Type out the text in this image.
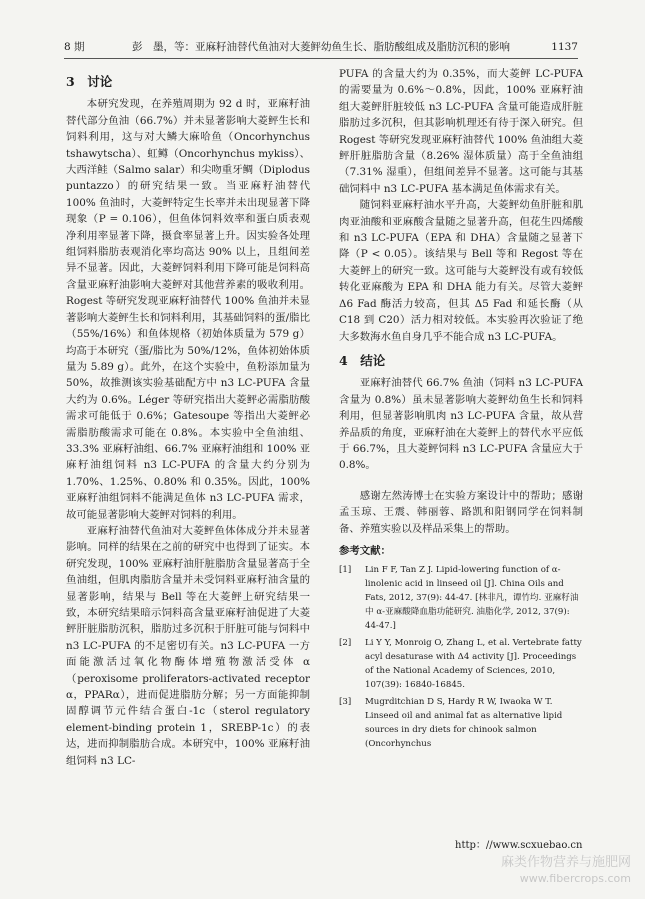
8 期	彭　墨，等：亚麻籽油替代鱼油对大菱鲆幼鱼生长、脂肪酸组成及脂肪沉积的影响	1137
3　讨论

本研究发现，在养殖周期为 92 d 时，亚麻籽油替代部分鱼油（66.7%）并未显著影响大菱鲆生长和饲料利用，这与对大鳞大麻哈鱼（Oncorhynchus tshawytscha）、虹鳟（Oncorhynchus mykiss）、大西洋鲑（Salmo salar）和尖吻重牙鲷（Diplodus puntazzo）的研究结果一致。当亚麻籽油替代 100% 鱼油时，大菱鲆特定生长率并未出现显著下降现象（P = 0.106），但鱼体饲料效率和蛋白质表观净利用率显著下降，摄食率显著上升。因实验各处理组饲料脂肪表观消化率均高达 90% 以上，且组间差异不显著。因此，大菱鲆饲料利用下降可能是饲料高含量亚麻籽油影响大菱鲆对其他营养素的吸收利用。Rogest 等研究发现亚麻籽油替代 100% 鱼油并未显著影响大菱鲆生长和饲料利用，其基础饲料的蛋/脂比（55%/16%）和鱼体规格（初始体质量为 579 g）均高于本研究（蛋/脂比为 50%/12%，鱼体初始体质量为 5.89 g）。此外，在这个实验中，鱼粉添加量为 50%，故推测该实验基础配方中 n3 LC-PUFA 含量大约为 0.6%。Léger 等研究指出大菱鲆必需脂肪酸需求可能低于 0.6%；Gatesoupe 等指出大菱鲆必需脂肪酸需求可能在 0.8%。本实验中全鱼油组、33.3% 亚麻籽油组、66.7% 亚麻籽油组和 100% 亚麻籽油组饲料 n3 LC-PUFA 的含量大约分别为 1.70%、1.25%、0.80% 和 0.35%。因此，100% 亚麻籽油组饲料不能满足鱼体 n3 LC-PUFA 需求，故可能显著影响大菱鲆对饲料的利用。

亚麻籽油替代鱼油对大菱鲆鱼体体成分并未显著影响。同样的结果在之前的研究中也得到了证实。本研究发现，100% 亚麻籽油肝脏脂肪含量显著高于全鱼油组，但肌肉脂肪含量并未受饲料亚麻籽油含量的显著影响，结果与 Bell 等在大菱鲆上研究结果一致，本研究结果暗示饲料高含量亚麻籽油促进了大菱鲆肝脏脂肪沉积，脂肪过多沉积于肝脏可能与饲料中 n3 LC-PUFA 的不足密切有关。n3 LC-PUFA 一方面能激活过氧化物酶体增殖物激活受体 α（peroxisome proliferators-activated receptor α，PPARα），进而促进脂肪分解；另一方面能抑制固醇调节元件结合蛋白-1c（sterol regulatory element-binding protein 1，SREBP-1c）的表达，进而抑制脂肪合成。本研究中，100% 亚麻籽油组饲料 n3 LC-

PUFA 的含量大约为 0.35%，而大菱鲆 LC-PUFA 的需要量为 0.6%～0.8%，因此，100% 亚麻籽油组大菱鲆肝脏较低 n3 LC-PUFA 含量可能造成肝脏脂肪过多沉积，但其影响机理还有待于深入研究。但 Rogest 等研究发现亚麻籽油替代 100% 鱼油组大菱鲆肝脏脂肪含量（8.26% 湿体质量）高于全鱼油组（7.31% 湿重），但组间差异不显著。这可能与其基础饲料中 n3 LC-PUFA 基本满足鱼体需求有关。

随饲料亚麻籽油水平升高，大菱鲆幼鱼肝脏和肌肉亚油酸和亚麻酸含量随之显著升高，但花生四烯酸和 n3 LC-PUFA（EPA 和 DHA）含量随之显著下降（P < 0.05）。该结果与 Bell 等和 Regost 等在大菱鲆上的研究一致。这可能与大菱鲆没有或有较低转化亚麻酸为 EPA 和 DHA 能力有关。尽管大菱鲆 Δ6 Fad 酶活力较高，但其 Δ5 Fad 和延长酶（从 C18 到 C20）活力相对较低。本实验再次验证了绝大多数海水鱼自身几乎不能合成 n3 LC-PUFA。

4　结论

亚麻籽油替代 66.7% 鱼油（饲料 n3 LC-PUFA 含量为 0.8%）虽未显著影响大菱鲆幼鱼生长和饲料利用，但显著影响肌肉 n3 LC-PUFA 含量，故从营养品质的角度，亚麻籽油在大菱鲆上的替代水平应低于 66.7%，且大菱鲆饲料 n3 LC-PUFA 含量应大于 0.8%。

感谢左然涛博士在实验方案设计中的帮助；感谢孟玉琼、王震、韩丽蓉、路凯和阳钢同学在饲料制备、养殖实验以及样品采集上的帮助。

参考文献：
[1]	Lin F F, Tan Z J. Lipid-lowering function of α-linolenic acid in linseed oil [J]. China Oils and Fats, 2012, 37(9): 44-47. [林非凡，谭竹均. 亚麻籽油中 α-亚麻酸降血脂功能研究. 油脂化学, 2012, 37(9): 44-47.]
[2]	Li Y Y, Monroig O, Zhang L, et al. Vertebrate fatty acyl desaturase with Δ4 activity [J]. Proceedings of the National Academy of Sciences, 2010, 107(39): 16840-16845.
[3]	Mugrditchian D S, Hardy R W, Iwaoka W T. Linseed oil and animal fat as alternative lipid sources in dry diets for chinook salmon (Oncorhynchus
http：//www.scxuebao.cn
麻类作物营养与施肥网
www.fibercrops.com
